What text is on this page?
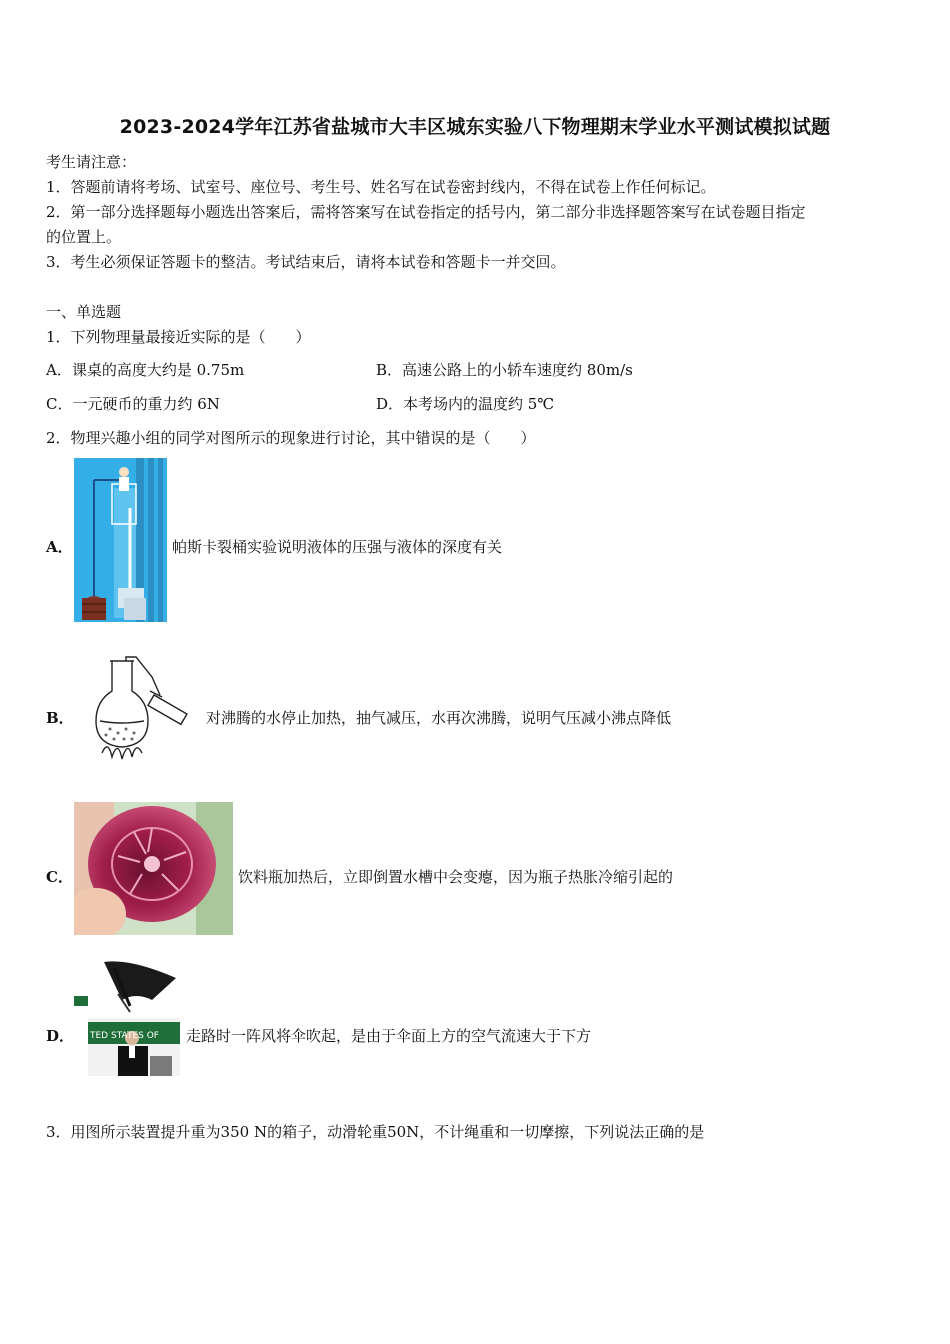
2023-2024学年江苏省盐城市大丰区城东实验八下物理期末学业水平测试模拟试题
考生请注意：
1．答题前请将考场、试室号、座位号、考生号、姓名写在试卷密封线内，不得在试卷上作任何标记。
2．第一部分选择题每小题选出答案后，需将答案写在试卷指定的括号内，第二部分非选择题答案写在试卷题目指定
的位置上。
3．考生必须保证答题卡的整洁。考试结束后，请将本试卷和答题卡一并交回。
一、单选题
1．下列物理量最接近实际的是（　　）
A．课桌的高度大约是 0.75m	B．高速公路上的小轿车速度约 80m/s
C．一元硬币的重力约 6N	D．本考场内的温度约 5℃
2．物理兴趣小组的同学对图所示的现象进行讨论，其中错误的是（　　）
A．	帕斯卡裂桶实验说明液体的压强与液体的深度有关
B．	对沸腾的水停止加热，抽气减压，水再次沸腾，说明气压减小沸点降低
C．	饮料瓶加热后，立即倒置水槽中会变瘪，因为瓶子热胀冷缩引起的
D． TED STATES OF 走路时一阵风将伞吹起，是由于伞面上方的空气流速大于下方
3．用图所示装置提升重为350 N的箱子，动滑轮重50N，不计绳重和一切摩擦，下列说法正确的是
